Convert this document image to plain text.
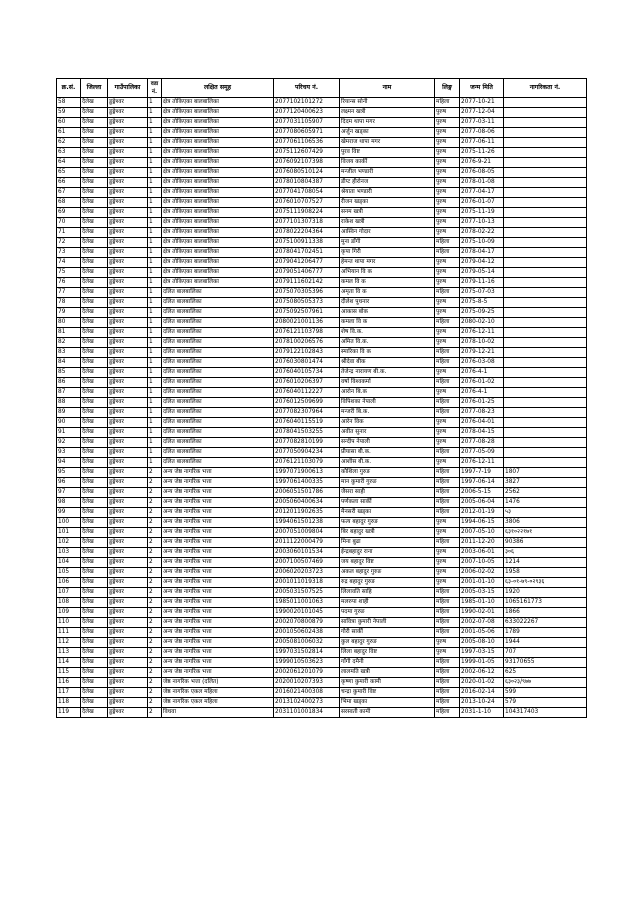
क्र.सं.	जिल्ला	गाउँपालिका	वडा नं.	लक्षित समूह	परिचय नं.	नाम	लिङ्ग	जन्म मिति	नागरिकता नं.
58	दैलेख	डुङ्गेश्वर	1	क्षेत्र तोकिएका बालबालिका	2077102101272	रियान्स सोनी	महिला	2077-10-21	
59	दैलेख	डुङ्गेश्वर	1	क्षेत्र तोकिएका बालबालिका	2077120400623	लक्ष्मन खत्री	पुरुष	2077-12-04	
60	दैलेख	डुङ्गेश्वर	1	क्षेत्र तोकिएका बालबालिका	2077031105907	दिदम थापा मगर	पुरुष	2077-03-11	
61	दैलेख	डुङ्गेश्वर	1	क्षेत्र तोकिएका बालबालिका	2077080605971	अर्जुन खड्का	पुरुष	2077-08-06	
62	दैलेख	डुङ्गेश्वर	1	क्षेत्र तोकिएका बालबालिका	2077061106536	खेमराज थापा मगर	पुरुष	2077-06-11	
63	दैलेख	डुङ्गेश्वर	1	क्षेत्र तोकिएका बालबालिका	2075112607429	पुरव विष्ट	पुरुष	2075-11-26	
64	दैलेख	डुङ्गेश्वर	1	क्षेत्र तोकिएका बालबालिका	2076092107398	विजय कार्की	पुरुष	2076-9-21	
65	दैलेख	डुङ्गेश्वर	1	क्षेत्र तोकिएका बालबालिका	2076080510124	मन्जील भण्डारी	पुरुष	2076-08-05	
66	दैलेख	डुङ्गेश्वर	1	क्षेत्र तोकिएका बालबालिका	2078010804387	डीप्ट हीरोनज	पुरुष	2078-01-08	
67	दैलेख	डुङ्गेश्वर	1	क्षेत्र तोकिएका बालबालिका	2077041708054	श्रेयाता भण्डारी	पुरुष	2077-04-17	
68	दैलेख	डुङ्गेश्वर	1	क्षेत्र तोकिएका बालबालिका	2076010707527	रीजन खड्का	पुरुष	2076-01-07	
69	दैलेख	डुङ्गेश्वर	1	क्षेत्र तोकिएका बालबालिका	2075111908224	सनम खत्री	पुरुष	2075-11-19	
70	दैलेख	डुङ्गेश्वर	1	क्षेत्र तोकिएका बालबालिका	2077101307318	राकेश खत्री	पुरुष	2077-10-13	
71	दैलेख	डुङ्गेश्वर	1	क्षेत्र तोकिएका बालबालिका	2078022204364	आस्विन गोदार	पुरुष	2078-02-22	
72	दैलेख	डुङ्गेश्वर	1	क्षेत्र तोकिएका बालबालिका	2075100911338	मुना डाँगी	महिला	2075-10-09	
73	दैलेख	डुङ्गेश्वर	1	क्षेत्र तोकिएका बालबालिका	2078041702451	कृपा गिरी	महिला	2078-04-17	
74	दैलेख	डुङ्गेश्वर	1	क्षेत्र तोकिएका बालबालिका	2079041206477	हेमन्त थापा मगर	पुरुष	2079-04-12	
75	दैलेख	डुङ्गेश्वर	1	क्षेत्र तोकिएका बालबालिका	2079051406777	अभियान वि क	पुरुष	2079-05-14	
76	दैलेख	डुङ्गेश्वर	1	क्षेत्र तोकिएका बालबालिका	2079111602142	कमल वि क	पुरुष	2079-11-16	
77	दैलेख	डुङ्गेश्वर	1	दलित बालबालिका	2075070305396	अमृता वि क	महिला	2075-07-03	
78	दैलेख	डुङ्गेश्वर	1	दलित बालबालिका	2075080505373	दीलेश पुधनार	पुरुष	2075-8-5	
79	दैलेख	डुङ्गेश्वर	1	दलित बालबालिका	2075092507961	आकास बोक	पुरुष	2075-09-25	
80	दैलेख	डुङ्गेश्वर	1	दलित बालबालिका	2080021001136	कमला वि क	महिला	2080-02-10	
81	दैलेख	डुङ्गेश्वर	1	दलित बालबालिका	2076121103798	शेष वि.क.	पुरुष	2076-12-11	
82	दैलेख	डुङ्गेश्वर	1	दलित बालबालिका	2078100206576	अमित वि.क.	पुरुष	2078-10-02	
83	दैलेख	डुङ्गेश्वर	1	दलित बालबालिका	2079122102843	स्मारिका वि क	महिला	2079-12-21	
84	दैलेख	डुङ्गेश्वर	1	दलित बालबालिका	2076030801474	श्रीदेवा बीक	महिला	2076-03-08	
85	दैलेख	डुङ्गेश्वर	1	दलित बालबालिका	2076040105734	तेजेन्द्र नारायण बी.क.	पुरुष	2076-4-1	
86	दैलेख	डुङ्गेश्वर	1	दलित बालबालिका	2076010206397	वर्षा विश्वकर्मा	महिला	2076-01-02	
87	दैलेख	डुङ्गेश्वर	1	दलित बालबालिका	2076040112227	आरोन बि.क	पुरुष	2076-4-1	
88	दैलेख	डुङ्गेश्वर	1	दलित बालबालिका	2076012509699	विपिशका नेपाली	महिला	2076-01-25	
89	दैलेख	डुङ्गेश्वर	1	दलित बालबालिका	2077082307964	मन्जरी बि.क.	महिला	2077-08-23	
90	दैलेख	डुङ्गेश्वर	1	दलित बालबालिका	2076040115519	आरेन विक	पुरुष	2076-04-01	
91	दैलेख	डुङ्गेश्वर	1	दलित बालबालिका	2078041503255	अवीत सुनार	पुरुष	2078-04-15	
92	दैलेख	डुङ्गेश्वर	1	दलित बालबालिका	2077082810199	सन्दीप नेपाली	पुरुष	2077-08-28	
93	दैलेख	डुङ्गेश्वर	1	दलित बालबालिका	2077050904234	प्रीयासा बी.क.	महिला	2077-05-09	
94	दैलेख	डुङ्गेश्वर	1	दलित बालबालिका	2076121103079	आशीस बी.क.	पुरुष	2076-12-11	
95	दैलेख	डुङ्गेश्वर	2	अन्य जेष्ठ नागरिक भत्ता	1997071900613	कौशिला गुरुङ	महिला	1997-7-19	1807
96	दैलेख	डुङ्गेश्वर	2	अन्य जेष्ठ नागरिक भत्ता	1997061400335	मान कुमारी गुरुङ	महिला	1997-06-14	3827
97	दैलेख	डुङ्गेश्वर	2	अन्य जेष्ठ नागरिक भत्ता	2006051501786	जैसरा साही	महिला	2006-5-15	2562
98	दैलेख	डुङ्गेश्वर	2	अन्य जेष्ठ नागरिक भत्ता	2005060400634	पर्णकला सार्की	महिला	2005-06-04	1476
99	दैलेख	डुङ्गेश्वर	2	अन्य जेष्ठ नागरिक भत्ता	2012011902635	मैनसरी खड्का	महिला	2012-01-19	५३
100	दैलेख	डुङ्गेश्वर	2	अन्य जेष्ठ नागरिक भत्ता	1994061501238	फत्य बहादुर गुरुङ	पुरुष	1994-06-15	3806
101	दैलेख	डुङ्गेश्वर	2	अन्य जेष्ठ नागरिक भत्ता	2007051009804	बिर बहादुर खत्री	पुरुष	2007-05-10	६३१०२२१७१
102	दैलेख	डुङ्गेश्वर	2	अन्य जेष्ठ नागरिक भत्ता	2011122000479	मिना बुढा	महिला	2011-12-20	90386
103	दैलेख	डुङ्गेश्वर	2	अन्य जेष्ठ नागरिक भत्ता	2003060101534	ईन्द्रबहादुर राना	पुरुष	2003-06-01	३०६
104	दैलेख	डुङ्गेश्वर	2	अन्य जेष्ठ नागरिक भत्ता	2007100507469	जय बहादुर विष्ट	पुरुष	2007-10-05	1214
105	दैलेख	डुङ्गेश्वर	2	अन्य जेष्ठ नागरिक भत्ता	2006020203723	अकल बहादुर गुरुङ	पुरुष	2006-02-02	1958
106	दैलेख	डुङ्गेश्वर	2	अन्य जेष्ठ नागरिक भत्ता	2001011019318	रुद्र बहादुर गुरुङ	पुरुष	2001-01-10	६३-०१-७९-०२९३६
107	दैलेख	डुङ्गेश्वर	2	अन्य जेष्ठ नागरिक भत्ता	2005031507525	लिलावति साहि	महिला	2005-03-15	1920
108	दैलेख	डुङ्गेश्वर	2	अन्य जेष्ठ नागरिक भत्ता	1985011001063	मलरुपा शाही	महिला	1985-01-10	1065161773
109	दैलेख	डुङ्गेश्वर	2	अन्य जेष्ठ नागरिक भत्ता	1990020101045	पदमा गुरुङ	महिला	1990-02-01	1866
110	दैलेख	डुङ्गेश्वर	2	अन्य जेष्ठ नागरिक भत्ता	2002070800879	सावित्रा कुमारी नेपाली	महिला	2002-07-08	633022267
111	दैलेख	डुङ्गेश्वर	2	अन्य जेष्ठ नागरिक भत्ता	2001050602438	गौरी सार्की	महिला	2001-05-06	1789
112	दैलेख	डुङ्गेश्वर	2	अन्य जेष्ठ नागरिक भत्ता	2005081006032	कुल बहादुर गुरुङ	पुरुष	2005-08-10	1944
113	दैलेख	डुङ्गेश्वर	2	अन्य जेष्ठ नागरिक भत्ता	1997031502814	लिला बहादुर विष्ट	पुरुष	1997-03-15	707
114	दैलेख	डुङ्गेश्वर	2	अन्य जेष्ठ नागरिक भत्ता	1999010503623	गाँगी दमैनी	महिला	1999-01-05	93170655
115	दैलेख	डुङ्गेश्वर	2	अन्य जेष्ठ नागरिक भत्ता	2002061201079	लालमति खत्री	महिला	2002-06-12	625
116	दैलेख	डुङ्गेश्वर	2	जेष्ठ नागरिक भत्ता (दलित)	2020010207393	कृष्णा कुमारी कामी	महिला	2020-01-02	६३०२३/९७७
117	दैलेख	डुङ्गेश्वर	2	जेष्ठ नागरिक एकल महिला	2016021400308	चन्द्रा कुमारी विष्ट	महिला	2016-02-14	599
118	दैलेख	डुङ्गेश्वर	2	जेष्ठ नागरिक एकल महिला	2013102400273	भिमा खड्का	महिला	2013-10-24	579
119	दैलेख	डुङ्गेश्वर	2	विधवा	2031101001834	सरस्वती कामी	महिला	2031-1-10	104317403
